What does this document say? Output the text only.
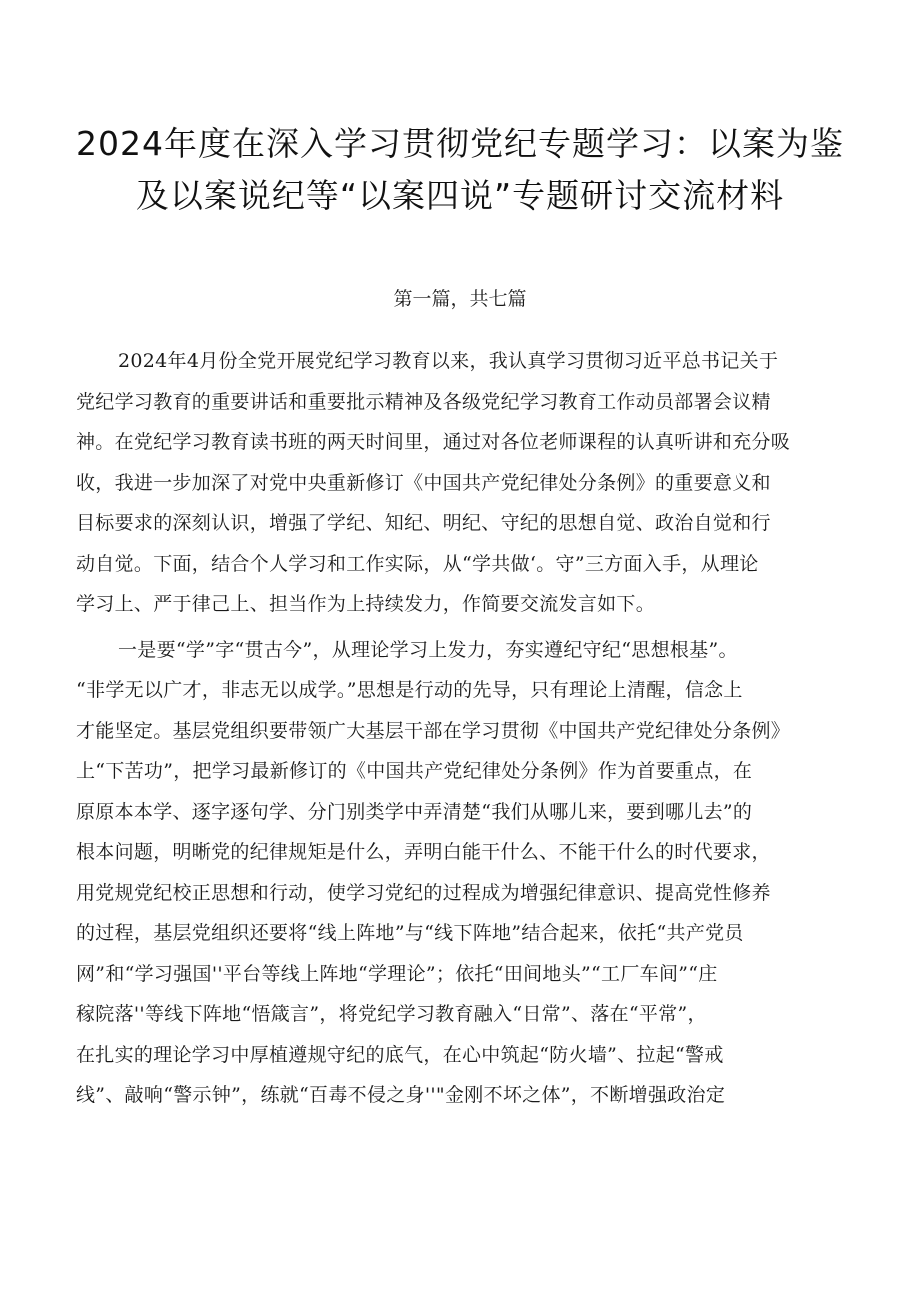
2024年度在深入学习贯彻党纪专题学习：以案为鉴
及以案说纪等“以案四说”专题研讨交流材料

第一篇，共七篇

2024年4月份全党开展党纪学习教育以来，我认真学习贯彻习近平总书记关于
党纪学习教育的重要讲话和重要批示精神及各级党纪学习教育工作动员部署会议精
神。在党纪学习教育读书班的两天时间里，通过对各位老师课程的认真听讲和充分吸
收，我进一步加深了对党中央重新修订《中国共产党纪律处分条例》的重要意义和
目标要求的深刻认识，增强了学纪、知纪、明纪、守纪的思想自觉、政治自觉和行
动自觉。下面，结合个人学习和工作实际，从“学共做‘。守”三方面入手，从理论
学习上、严于律己上、担当作为上持续发力，作简要交流发言如下。

一是要“学”字“贯古今”，从理论学习上发力，夯实遵纪守纪“思想根基”。
“非学无以广才，非志无以成学。”思想是行动的先导，只有理论上清醒，信念上
才能坚定。基层党组织要带领广大基层干部在学习贯彻《中国共产党纪律处分条例》
上“下苦功”，把学习最新修订的《中国共产党纪律处分条例》作为首要重点，在
原原本本学、逐字逐句学、分门别类学中弄清楚“我们从哪儿来，要到哪儿去”的
根本问题，明晰党的纪律规矩是什么，弄明白能干什么、不能干什么的时代要求，
用党规党纪校正思想和行动，使学习党纪的过程成为增强纪律意识、提高党性修养
的过程，基层党组织还要将“线上阵地”与“线下阵地”结合起来，依托“共产党员
网”和“学习强国''平台等线上阵地“学理论”；依托“田间地头”“工厂车间”“庄
稼院落''等线下阵地“悟箴言”，将党纪学习教育融入“日常”、落在“平常”，
在扎实的理论学习中厚植遵规守纪的底气，在心中筑起“防火墙”、拉起“警戒
线”、敲响“警示钟”，练就“百毒不侵之身''"金刚不坏之体”，不断增强政治定
